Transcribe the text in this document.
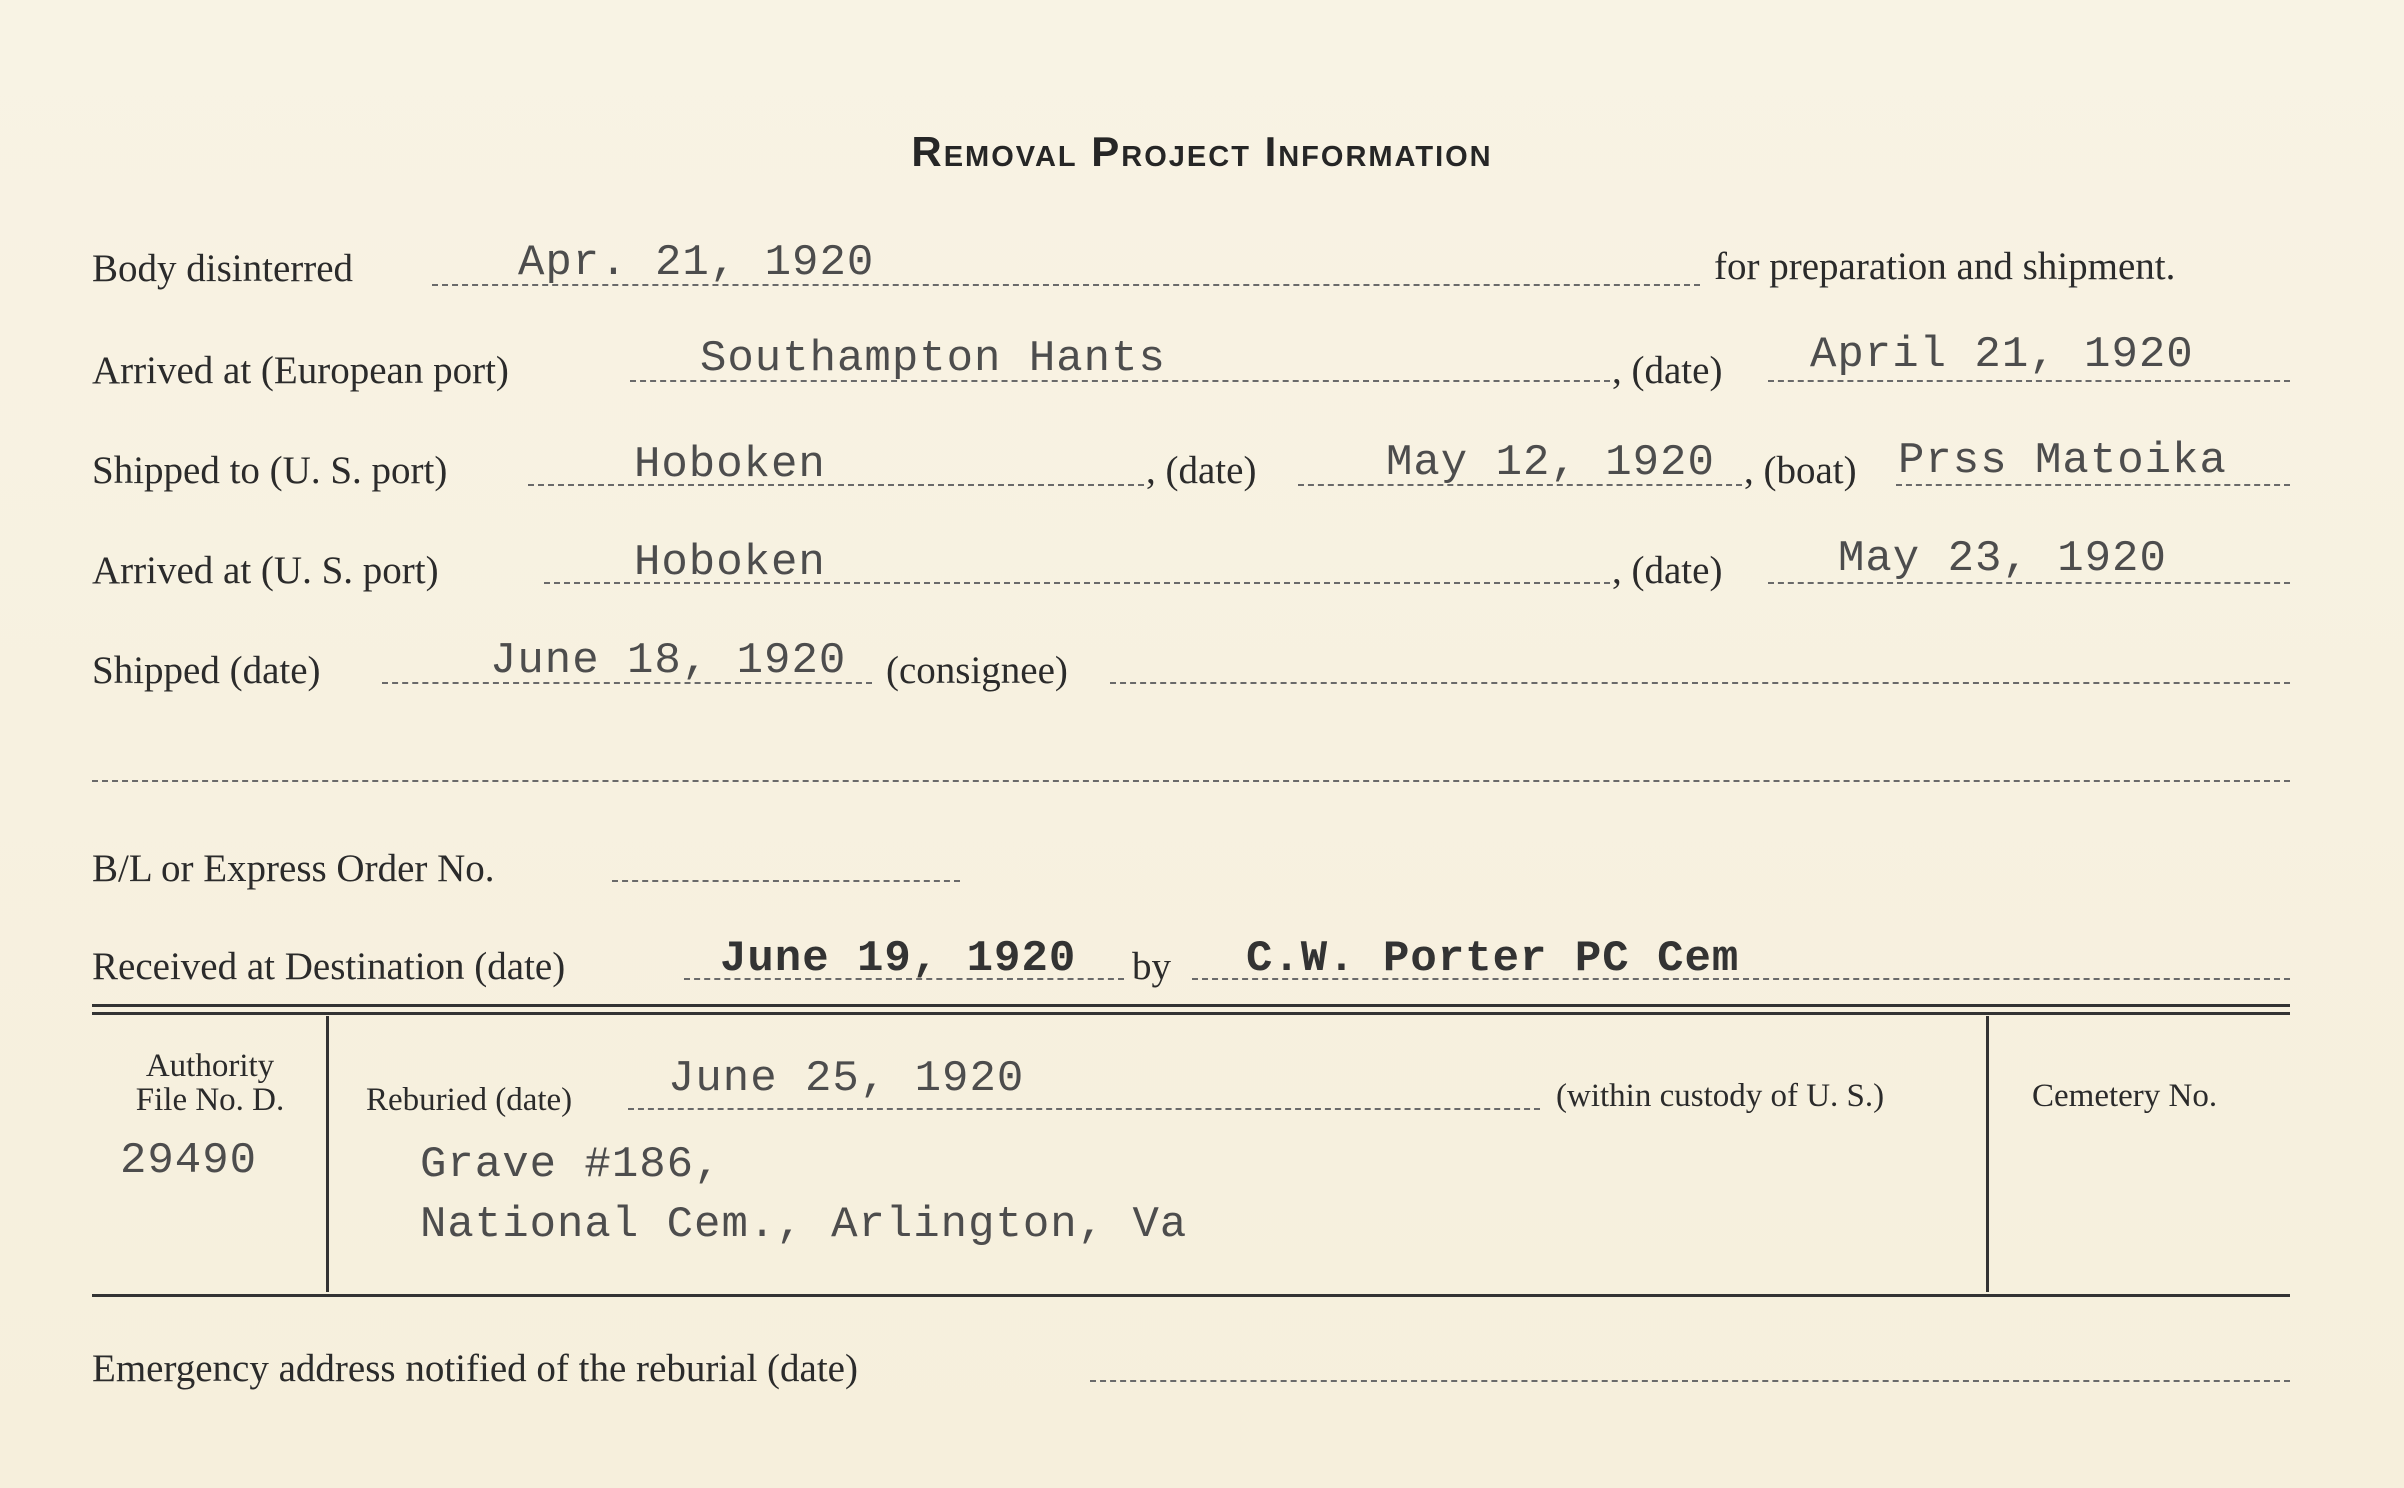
Removal Project Information
Body disinterred	Apr. 21, 1920	for preparation and shipment.
Arrived at (European port)	Southampton Hants	, (date) April 21, 1920
Shipped to (U. S. port)	Hoboken	, (date)	May 12, 1920 , (boat) Prss Matoika
Arrived at (U. S. port)	Hoboken	, (date)	May 23, 1920
Shipped (date)	June 18, 1920 (consignee)
B/L or Express Order No.
Received at Destination (date)	June 19, 1920 by C.W. Porter PC Cem
Authority
File No. D.
29490
Reburied (date) June 25, 1920	(within custody of U. S.)
Grave #186,
National Cem., Arlington, Va
Cemetery No.
Emergency address notified of the reburial (date)
